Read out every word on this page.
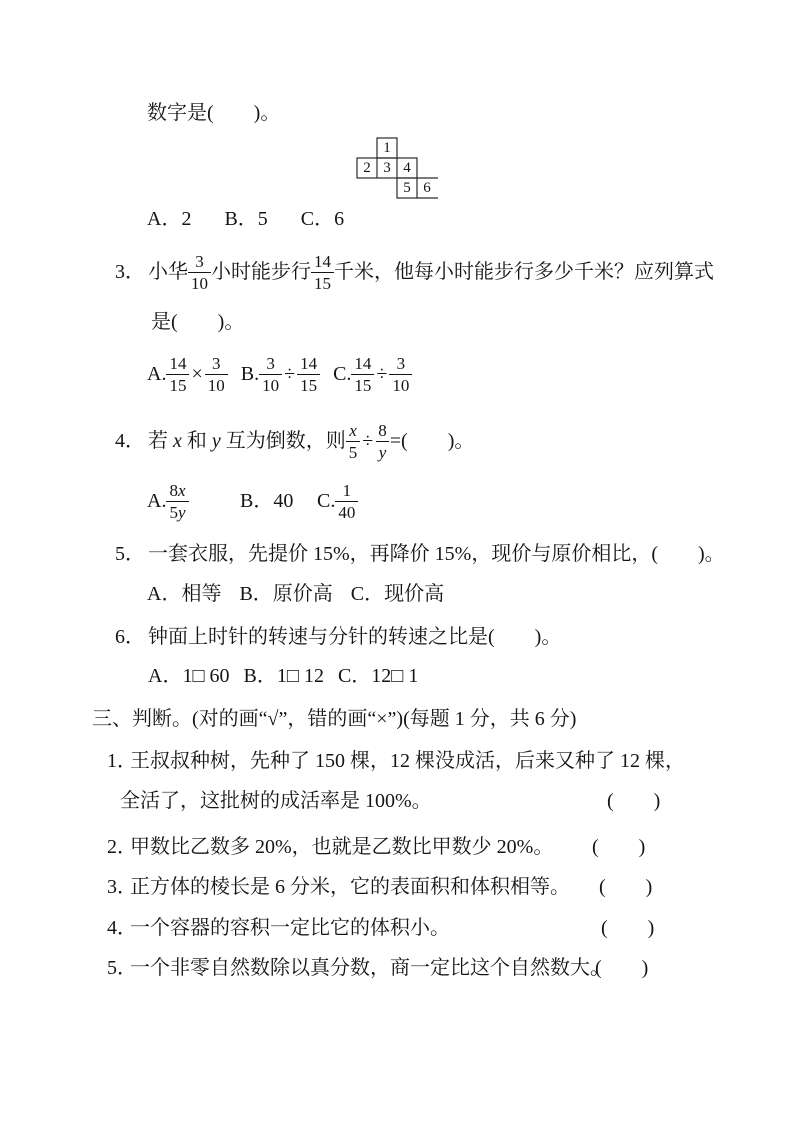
数字是(        )。
1
2 3 4
5 6
A．2 B．5 C．6
3． 小华 $\frac{3}{10}$ 小时能步行 $\frac{14}{15}$ 千米，他每小时能步行多少千米？应列算式
是(        )。
A. $\frac{14}{15} \times \frac{3}{10} B$. $\frac{3}{10} \div \frac{14}{15} C$. $\frac{14}{15} \div \frac{3}{10}$
4． 若 x 和 y 互为倒数，则 $\frac{x}{5} \div \frac{8}{y}$ =(        )。

A. $\frac{8x}{5y}$

	B．40

C. $\frac{1}{40}$

5． 一套衣服，先提价 15%，再降价 15%，现价与原价相比，(        )。
A．相等 B．原价高 C．现价高
6． 钟面上时针的转速与分针的转速之比是(        )。
A．1□ 60 B．1□ 12 C．12□ 1
三、判断。(对的画“√”，错的画“×”)(每题 1 分，共 6 分)
1．
王叔叔种树，先种了 150 棵，12 棵没成活，后来又种了 12 棵，
全活了，这批树的成活率是 100%。	(        )
2．
甲数比乙数多 20%，也就是乙数比甲数少 20%。 (        )
3．
正方体的棱长是 6 分米，它的表面积和体积相等。 (        )
4．
一个容器的容积一定比它的体积小。	(        )
5．
一个非零自然数除以真分数，商一定比这个自然数大。
(        )
